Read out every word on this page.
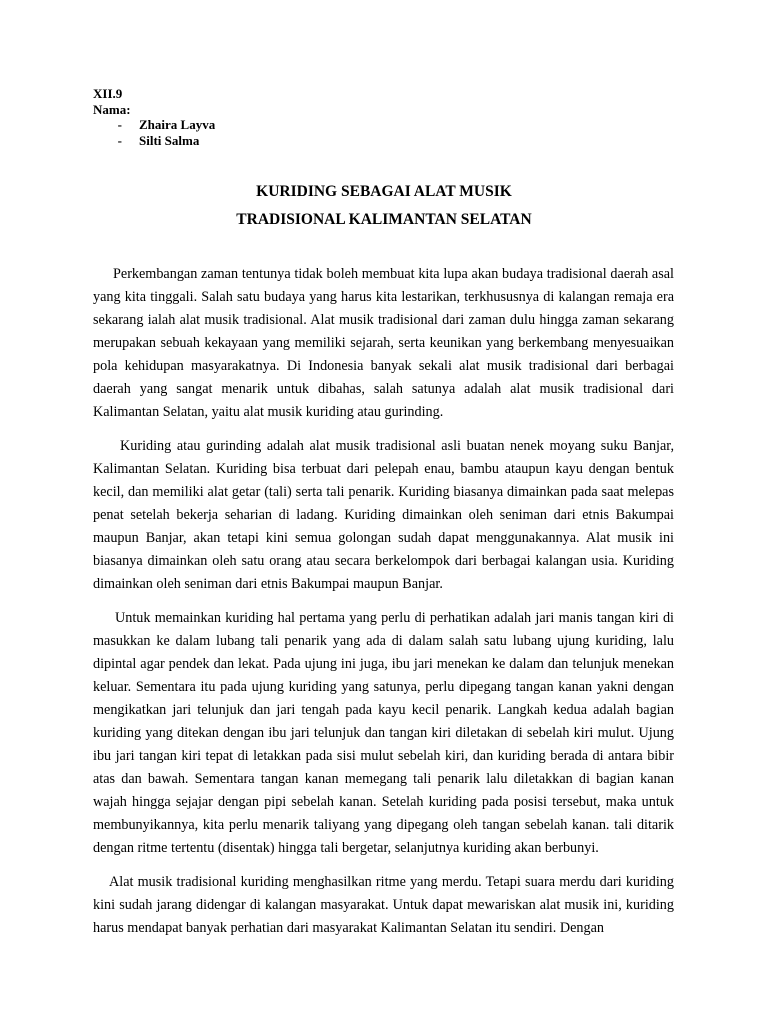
XII.9
Nama:
- Zhaira Layva
- Silti Salma
KURIDING SEBAGAI ALAT MUSIK
TRADISIONAL KALIMANTAN SELATAN

Perkembangan zaman tentunya tidak boleh membuat kita lupa akan budaya tradisional daerah asal yang kita tinggali. Salah satu budaya yang harus kita lestarikan, terkhususnya di kalangan remaja era sekarang ialah alat musik tradisional. Alat musik tradisional dari zaman dulu hingga zaman sekarang merupakan sebuah kekayaan yang memiliki sejarah, serta keunikan yang berkembang menyesuaikan pola kehidupan masyarakatnya. Di Indonesia banyak sekali alat musik tradisional dari berbagai daerah yang sangat menarik untuk dibahas, salah satunya adalah alat musik tradisional dari Kalimantan Selatan, yaitu alat musik kuriding atau gurinding.

Kuriding atau gurinding adalah alat musik tradisional asli buatan nenek moyang suku Banjar, Kalimantan Selatan. Kuriding bisa terbuat dari pelepah enau, bambu ataupun kayu dengan bentuk kecil, dan memiliki alat getar (tali) serta tali penarik. Kuriding biasanya dimainkan pada saat melepas penat setelah bekerja seharian di ladang. Kuriding dimainkan oleh seniman dari etnis Bakumpai maupun Banjar, akan tetapi kini semua golongan sudah dapat menggunakannya. Alat musik ini biasanya dimainkan oleh satu orang atau secara berkelompok dari berbagai kalangan usia. Kuriding dimainkan oleh seniman dari etnis Bakumpai maupun Banjar.

Untuk memainkan kuriding hal pertama yang perlu di perhatikan adalah jari manis tangan kiri di masukkan ke dalam lubang tali penarik yang ada di dalam salah satu lubang ujung kuriding, lalu dipintal agar pendek dan lekat. Pada ujung ini juga, ibu jari menekan ke dalam dan telunjuk menekan keluar. Sementara itu pada ujung kuriding yang satunya, perlu dipegang tangan kanan yakni dengan mengikatkan jari telunjuk dan jari tengah pada kayu kecil penarik. Langkah kedua adalah bagian kuriding yang ditekan dengan ibu jari telunjuk dan tangan kiri diletakan di sebelah kiri mulut. Ujung ibu jari tangan kiri tepat di letakkan pada sisi mulut sebelah kiri, dan kuriding berada di antara bibir atas dan bawah. Sementara tangan kanan memegang tali penarik lalu diletakkan di bagian kanan wajah hingga sejajar dengan pipi sebelah kanan. Setelah kuriding pada posisi tersebut, maka untuk membunyikannya, kita perlu menarik taliyang yang dipegang oleh tangan sebelah kanan. tali ditarik dengan ritme tertentu (disentak) hingga tali bergetar, selanjutnya kuriding akan berbunyi.

Alat musik tradisional kuriding menghasilkan ritme yang merdu. Tetapi suara merdu dari kuriding kini sudah jarang didengar di kalangan masyarakat. Untuk dapat mewariskan alat musik ini, kuriding harus mendapat banyak perhatian dari masyarakat Kalimantan Selatan itu sendiri. Dengan
